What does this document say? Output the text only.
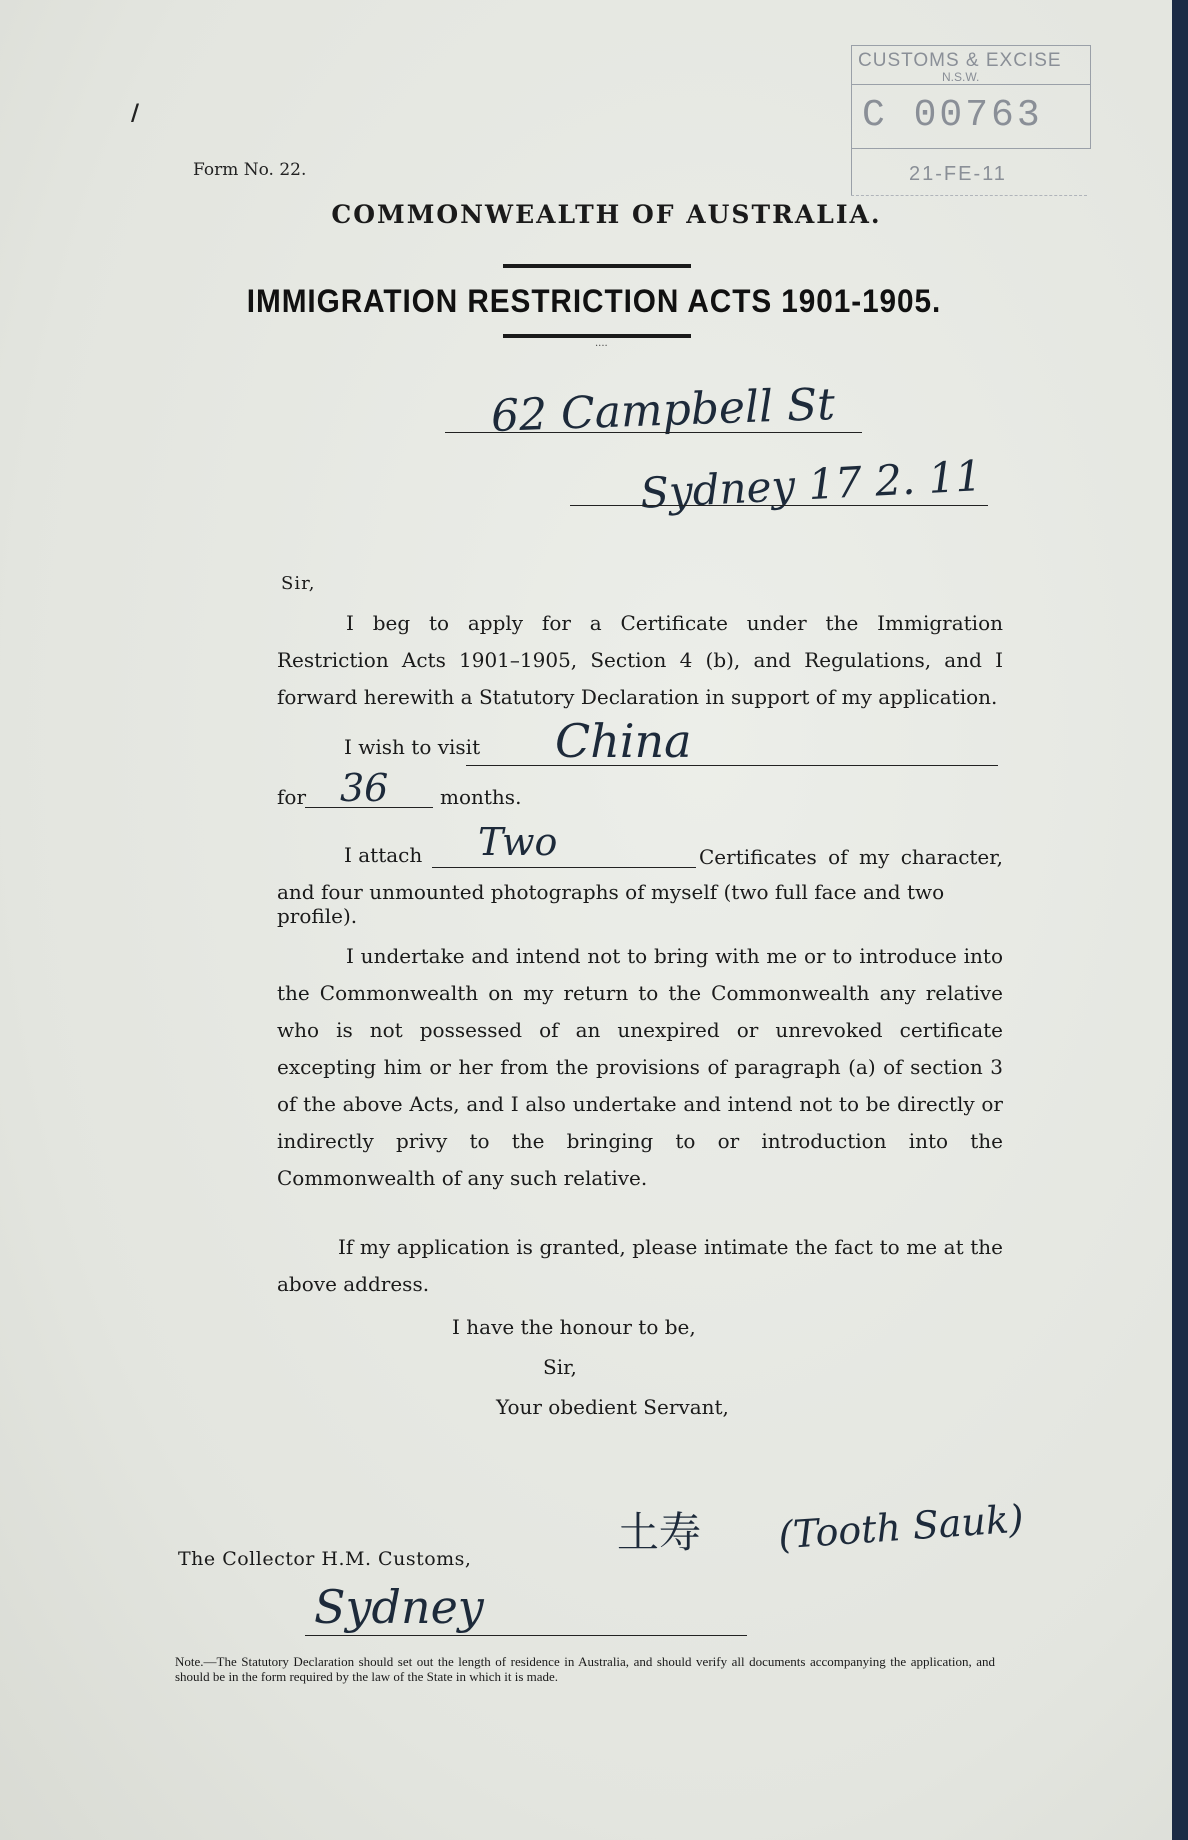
/
Form No. 22.
CUSTOMS & EXCISE
N.S.W.
C 00763
21-FE-11
COMMONWEALTH OF AUSTRALIA.
IMMIGRATION RESTRICTION ACTS 1901-1905.
....
62 Campbell St
Sydney 17 2. 11
Sir,
I beg to apply for a Certificate under the Immigration Restriction Acts 1901–1905, Section 4 (b), and Regulations, and I forward herewith a Statutory Declaration in support of my application.
I wish to visit China
for 36	months.
I attach Two	Certificates of my character,
and four unmounted photographs of myself (two full face and two profile).
I undertake and intend not to bring with me or to introduce into the Commonwealth on my return to the Commonwealth any relative who is not possessed of an unexpired or unrevoked certificate excepting him or her from the provisions of paragraph (a) of section 3 of the above Acts, and I also undertake and intend not to be directly or indirectly privy to the bringing to or introduction into the Commonwealth of any such relative.
If my application is granted, please intimate the fact to me at the above address.
I have the honour to be,
Sir,
Your obedient Servant,
土寿 (Tooth Sauk)
The Collector H.M. Customs,
Sydney
Note.—The Statutory Declaration should set out the length of residence in Australia, and should verify all documents accompanying the application, and should be in the form required by the law of the State in which it is made.
